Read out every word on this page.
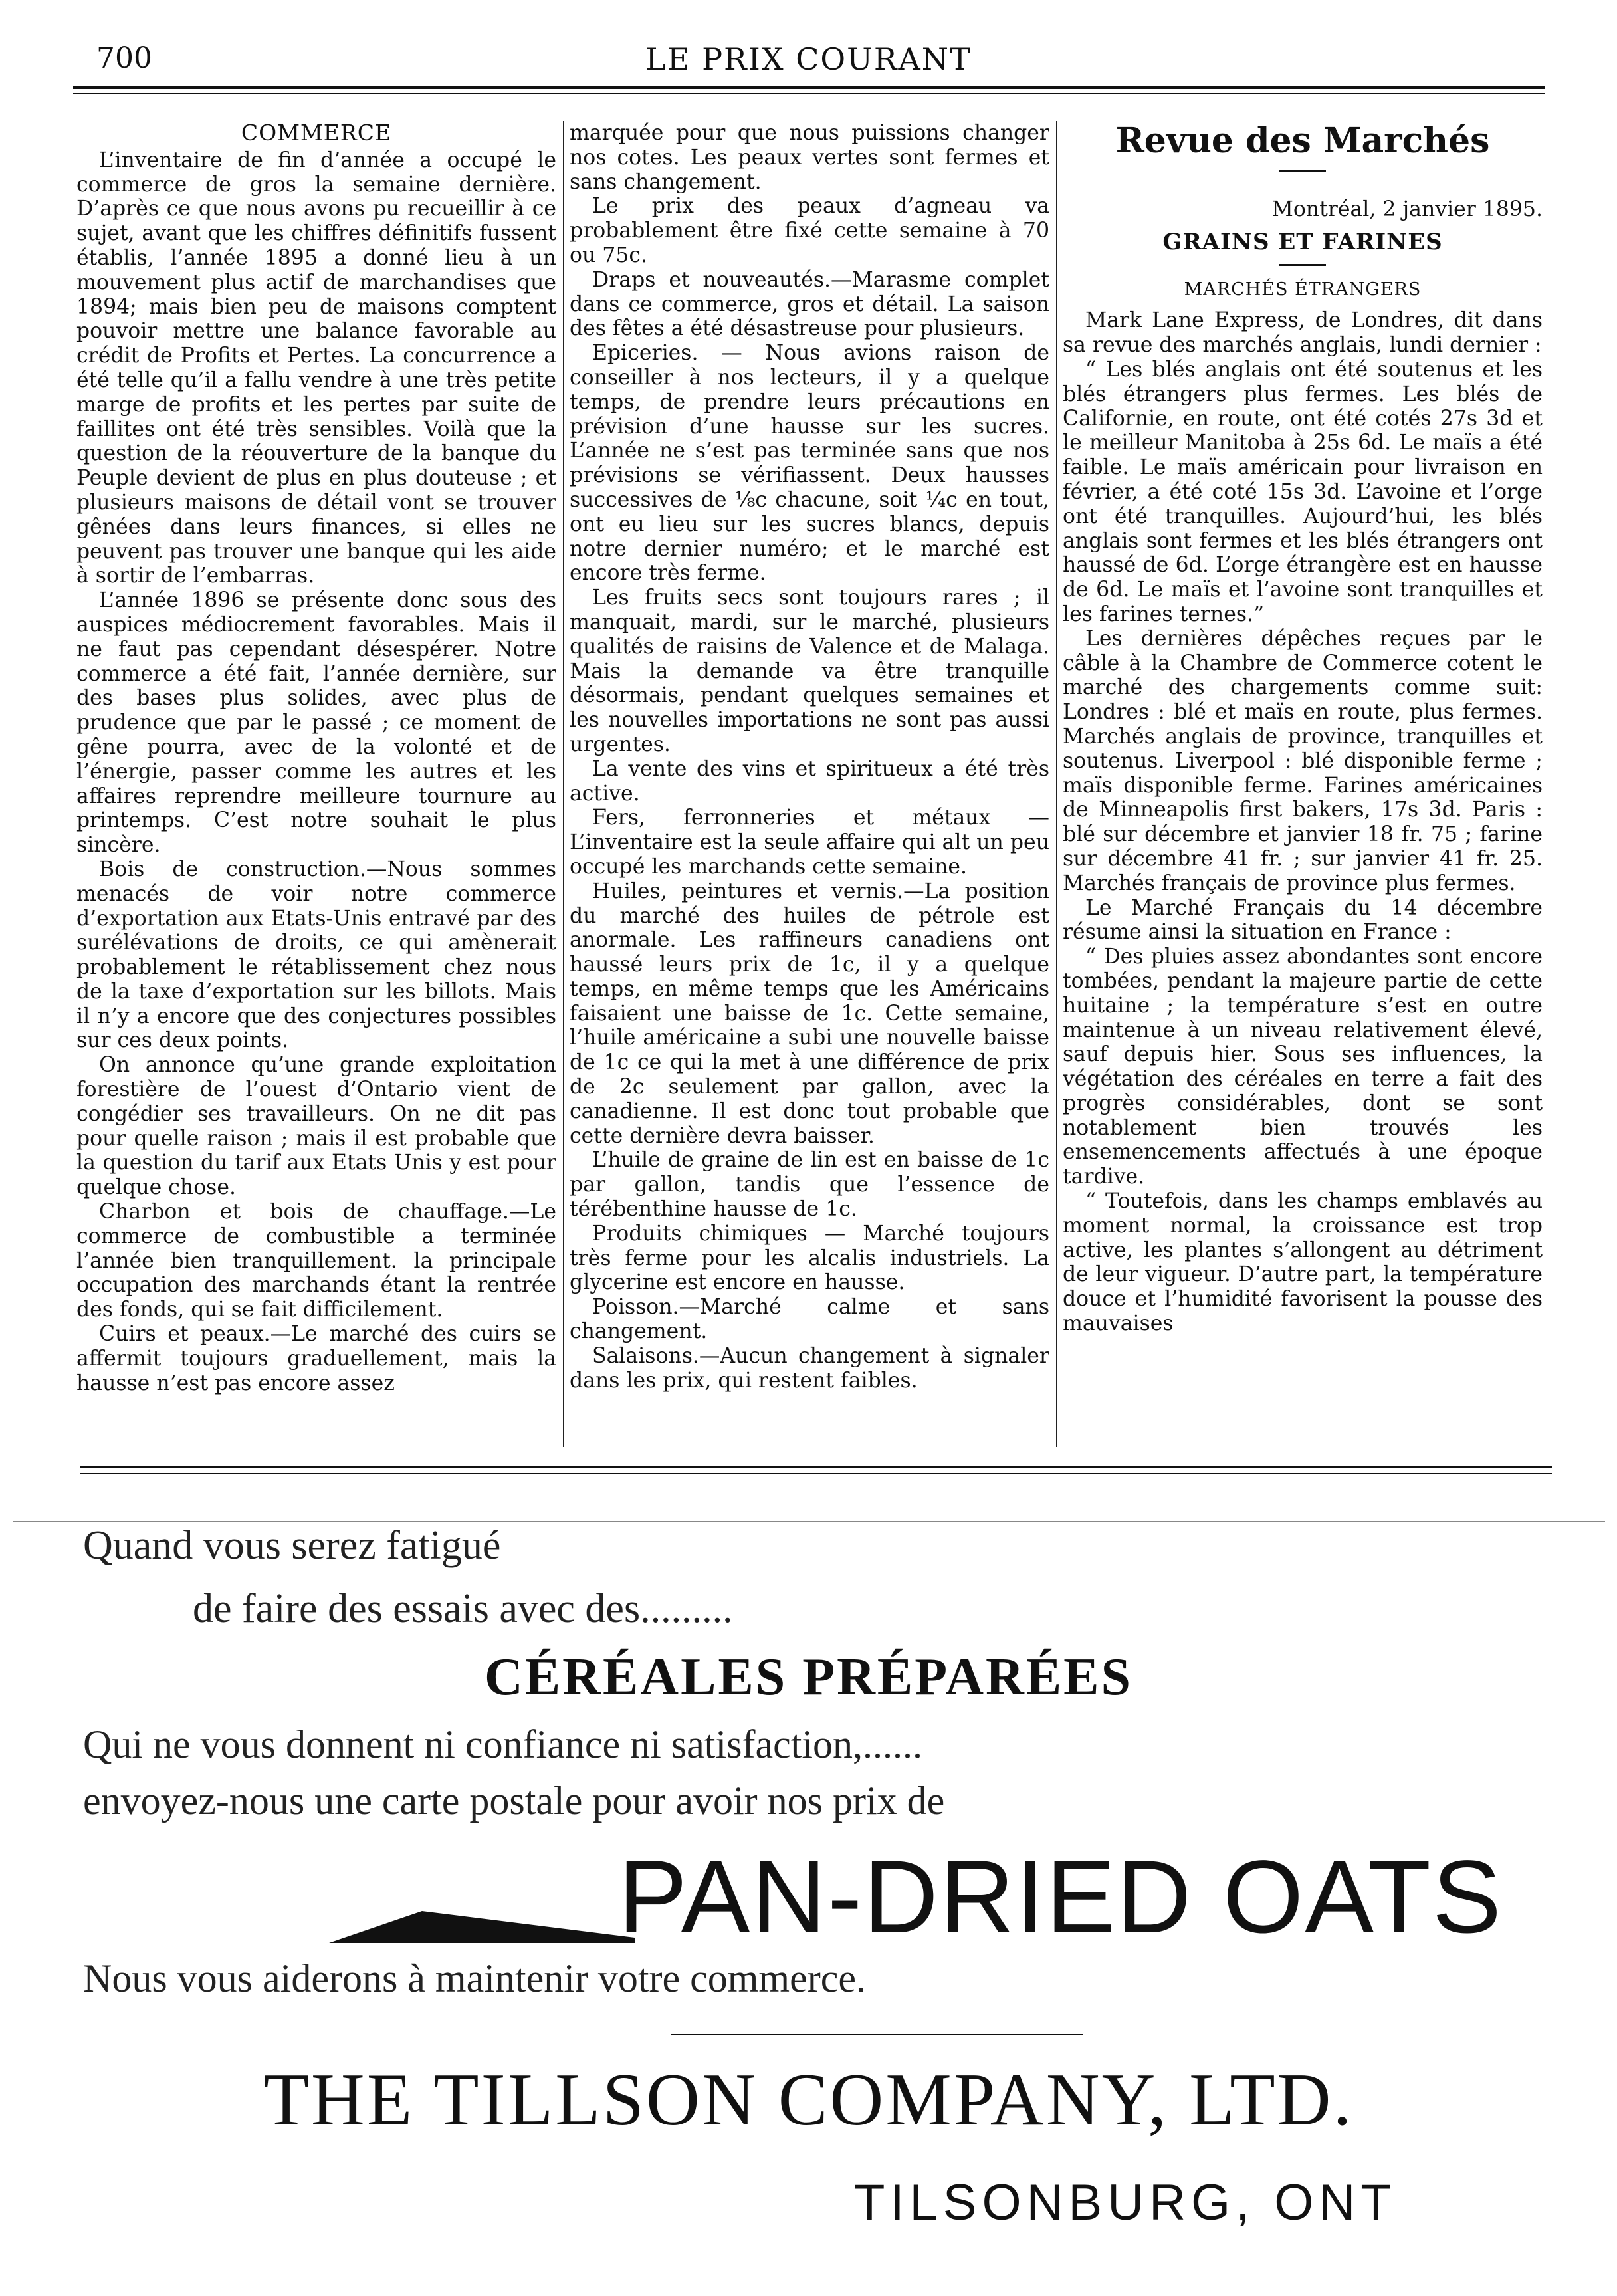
700	LE PRIX COURANT
COMMERCE

L’inventaire de fin d’année a occupé le commerce de gros la semaine dernière. D’après ce que nous avons pu recueillir à ce sujet, avant que les chiffres définitifs fussent établis, l’année 1895 a donné lieu à un mouvement plus actif de marchandises que 1894; mais bien peu de maisons comptent pouvoir mettre une balance favorable au crédit de Profits et Pertes. La concurrence a été telle qu’il a fallu vendre à une très petite marge de profits et les pertes par suite de faillites ont été très sensibles. Voilà que la question de la réouverture de la banque du Peuple devient de plus en plus douteuse ; et plusieurs maisons de détail vont se trouver gênées dans leurs finances, si elles ne peuvent pas trouver une banque qui les aide à sortir de l’embarras.

L’année 1896 se présente donc sous des auspices médiocrement favorables. Mais il ne faut pas cependant désespérer. Notre commerce a été fait, l’année dernière, sur des bases plus solides, avec plus de prudence que par le passé ; ce moment de gêne pourra, avec de la volonté et de l’énergie, passer comme les autres et les affaires reprendre meilleure tournure au printemps. C’est notre souhait le plus sincère.

Bois de construction.—Nous sommes menacés de voir notre commerce d’exportation aux Etats-Unis entravé par des surélévations de droits, ce qui amènerait probablement le rétablissement chez nous de la taxe d’exportation sur les billots. Mais il n’y a encore que des conjectures possibles sur ces deux points.

On annonce qu’une grande exploitation forestière de l’ouest d’Ontario vient de congédier ses travailleurs. On ne dit pas pour quelle raison ; mais il est probable que la question du tarif aux Etats Unis y est pour quelque chose.

Charbon et bois de chauffage.—Le commerce de combustible a terminée l’année bien tranquillement. la principale occupation des marchands étant la rentrée des fonds, qui se fait difficilement.

Cuirs et peaux.—Le marché des cuirs se affermit toujours graduellement, mais la hausse n’est pas encore assez

marquée pour que nous puissions changer nos cotes. Les peaux vertes sont fermes et sans changement.

Le prix des peaux d’agneau va probablement être fixé cette semaine à 70 ou 75c.

Draps et nouveautés.—Marasme complet dans ce commerce, gros et détail. La saison des fêtes a été désastreuse pour plusieurs.

Epiceries. — Nous avions raison de conseiller à nos lecteurs, il y a quelque temps, de prendre leurs précautions en prévision d’une hausse sur les sucres. L’année ne s’est pas terminée sans que nos prévisions se vérifiassent. Deux hausses successives de ⅛c chacune, soit ¼c en tout, ont eu lieu sur les sucres blancs, depuis notre dernier numéro; et le marché est encore très ferme.

Les fruits secs sont toujours rares ; il manquait, mardi, sur le marché, plusieurs qualités de raisins de Valence et de Malaga. Mais la demande va être tranquille désormais, pendant quelques semaines et les nouvelles importations ne sont pas aussi urgentes.

La vente des vins et spiritueux a été très active.

Fers, ferronneries et métaux — L’inventaire est la seule affaire qui alt un peu occupé les marchands cette semaine.

Huiles, peintures et vernis.—La position du marché des huiles de pétrole est anormale. Les raffineurs canadiens ont haussé leurs prix de 1c, il y a quelque temps, en même temps que les Américains faisaient une baisse de 1c. Cette semaine, l’huile américaine a subi une nouvelle baisse de 1c ce qui la met à une différence de prix de 2c seulement par gallon, avec la canadienne. Il est donc tout probable que cette dernière devra baisser.

L’huile de graine de lin est en baisse de 1c par gallon, tandis que l’essence de térébenthine hausse de 1c.

Produits chimiques — Marché toujours très ferme pour les alcalis industriels. La glycerine est encore en hausse.

Poisson.—Marché calme et sans changement.

Salaisons.—Aucun changement à signaler dans les prix, qui restent faibles.

Revue des Marchés
Montréal, 2 janvier 1895.
GRAINS ET FARINES
MARCHÉS ÉTRANGERS

Mark Lane Express, de Londres, dit dans sa revue des marchés anglais, lundi dernier :

“ Les blés anglais ont été soutenus et les blés étrangers plus fermes. Les blés de Californie, en route, ont été cotés 27s 3d et le meilleur Manitoba à 25s 6d. Le maïs a été faible. Le maïs américain pour livraison en février, a été coté 15s 3d. L’avoine et l’orge ont été tranquilles. Aujourd’hui, les blés anglais sont fermes et les blés étrangers ont haussé de 6d. L’orge étrangère est en hausse de 6d. Le maïs et l’avoine sont tranquilles et les farines ternes.”

Les dernières dépêches reçues par le câble à la Chambre de Commerce cotent le marché des chargements comme suit: Londres : blé et maïs en route, plus fermes. Marchés anglais de province, tranquilles et soutenus. Liverpool : blé disponible ferme ; maïs disponible ferme. Farines américaines de Minneapolis first bakers, 17s 3d. Paris : blé sur décembre et janvier 18 fr. 75 ; farine sur décembre 41 fr. ; sur janvier 41 fr. 25. Marchés français de province plus fermes.

Le Marché Français du 14 décembre résume ainsi la situation en France :

“ Des pluies assez abondantes sont encore tombées, pendant la majeure partie de cette huitaine ; la température s’est en outre maintenue à un niveau relativement élevé, sauf depuis hier. Sous ses influences, la végétation des céréales en terre a fait des progrès considérables, dont se sont notablement bien trouvés les ensemencements affectués à une époque tardive.

“ Toutefois, dans les champs emblavés au moment normal, la croissance est trop active, les plantes s’allongent au détriment de leur vigueur. D’autre part, la température douce et l’humidité favorisent la pousse des mauvaises

Quand vous serez fatigué
de faire des essais avec des.........
CÉRÉALES PRÉPARÉES
Qui ne vous donnent ni confiance ni satisfaction,......
envoyez-nous une carte postale pour avoir nos prix de
PAN-DRIED OATS
Nous vous aiderons à maintenir votre commerce.
THE TILLSON COMPANY, LTD.
TILSONBURG, ONT
